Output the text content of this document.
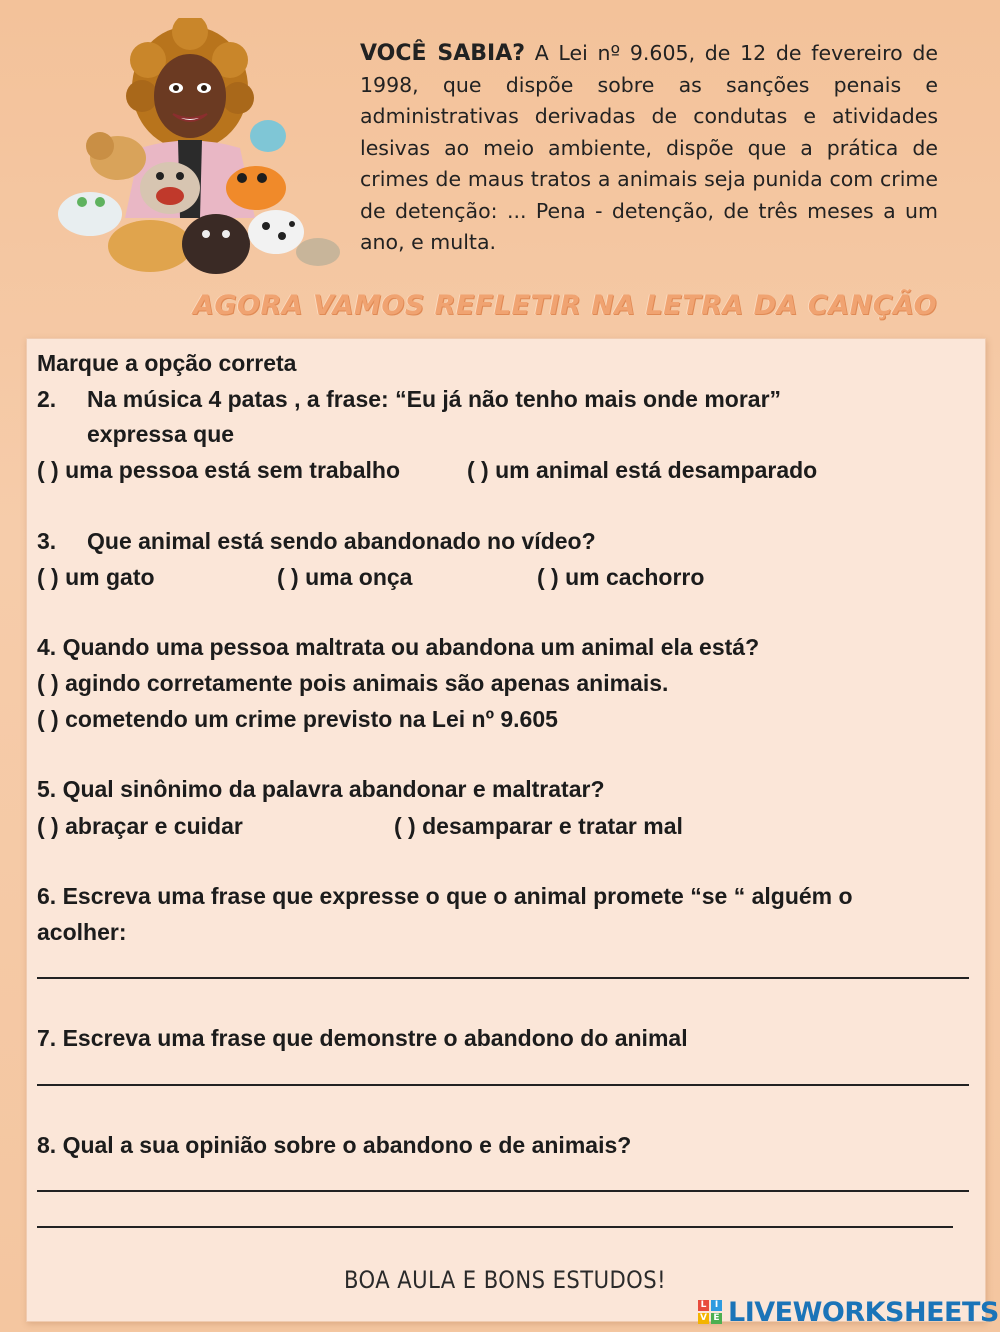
VOCÊ SABIA? A Lei nº 9.605, de 12 de fevereiro de 1998, que dispõe sobre as sanções penais e administrativas derivadas de condutas e atividades lesivas ao meio ambiente, dispõe que a prática de crimes de maus tratos a animais seja punida com crime de detenção: ... Pena - detenção, de três meses a um ano, e multa.
AGORA VAMOS REFLETIR NA LETRA DA CANÇÃO
Marque a opção correta
2. Na música 4 patas , a frase: “Eu já não tenho mais onde morar”
expressa que
( ) uma pessoa está sem trabalho	( ) um animal está desamparado
3. Que animal está sendo abandonado no vídeo?
( ) um gato	( ) uma onça	( ) um cachorro
4. Quando uma pessoa maltrata ou abandona um animal ela está?
( ) agindo corretamente pois animais são apenas animais.
( ) cometendo um crime previsto na Lei nº 9.605
5. Qual sinônimo da palavra abandonar e maltratar?
( ) abraçar e cuidar	( ) desamparar e tratar mal
6. Escreva uma frase que expresse o que o animal promete “se “ alguém o
acolher:
7. Escreva uma frase que demonstre o abandono do animal
8. Qual a sua opinião sobre o abandono e de animais?
BOA AULA E BONS ESTUDOS!
L I
V E LIVEWORKSHEETS
